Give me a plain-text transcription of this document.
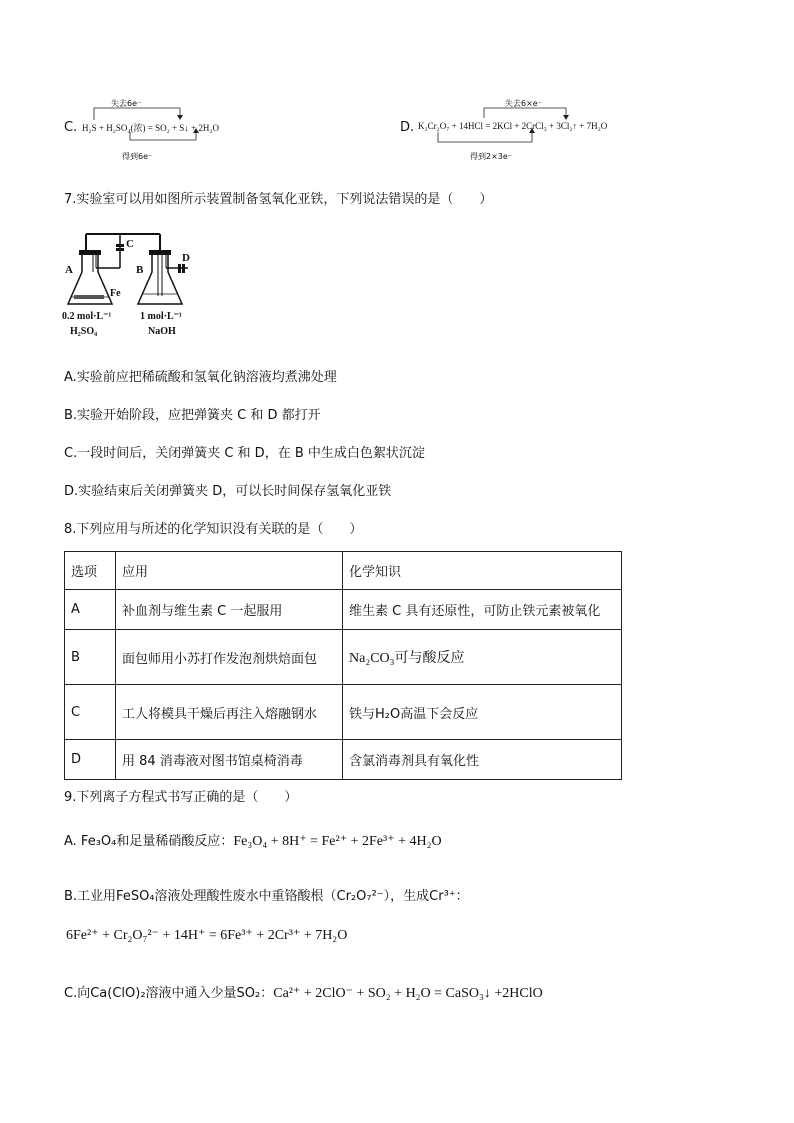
C.
失去6e⁻
H₂S + H₂SO₄(浓) = SO₂ + S↓ + 2H₂O
得到6e⁻
D.
失去6×e⁻
K₂Cr₂O₇ + 14HCl = 2KCl + 2CrCl₃ + 3Cl₂↑ + 7H₂O
得到2×3e⁻
7.实验室可以用如图所示装置制备氢氧化亚铁，下列说法错误的是（　　）
A	B
C
D
Fe
0.2 mol·L⁻¹
H₂SO₄
1 mol·L⁻¹
NaOH
A.实验前应把稀硫酸和氢氧化钠溶液均煮沸处理
B.实验开始阶段，应把弹簧夹 C 和 D 都打开
C.一段时间后，关闭弹簧夹 C 和 D，在 B 中生成白色絮状沉淀
D.实验结束后关闭弹簧夹 D，可以长时间保存氢氧化亚铁
8.下列应用与所述的化学知识没有关联的是（　　）
选项	应用	化学知识
A	补血剂与维生素 C 一起服用	维生素 C 具有还原性，可防止铁元素被氧化
B	面包师用小苏打作发泡剂烘焙面包	Na₂CO₃可与酸反应
C	工人将模具干燥后再注入熔融钢水	铁与H₂O高温下会反应
D	用 84 消毒液对图书馆桌椅消毒	含氯消毒剂具有氧化性
9.下列离子方程式书写正确的是（　　）
A. Fe₃O₄和足量稀硝酸反应：Fe₃O₄ + 8H⁺ = Fe²⁺ + 2Fe³⁺ + 4H₂O
B.工业用FeSO₄溶液处理酸性废水中重铬酸根（Cr₂O₇²⁻），生成Cr³⁺：
6Fe²⁺ + Cr₂O₇²⁻ + 14H⁺ = 6Fe³⁺ + 2Cr³⁺ + 7H₂O
C.向Ca(ClO)₂溶液中通入少量SO₂：Ca²⁺ + 2ClO⁻ + SO₂ + H₂O = CaSO₃↓ +2HClO
